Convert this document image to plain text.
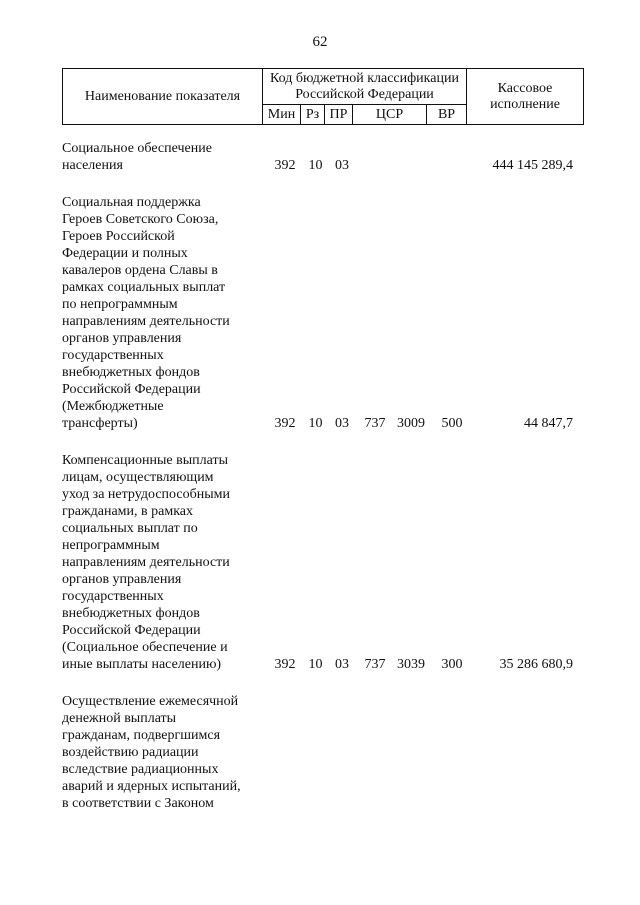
62
Наименование показателя	Код бюджетной классификации Российской Федерации					Кассовое исполнение
	Мин	Рз	ПР	ЦСР	ВР	
Социальное обеспечение
населения	392 10 03	444 145 289,4
Социальная поддержка
Героев Советского Союза,
Героев Российской
Федерации и полных
кавалеров ордена Славы в
рамках социальных выплат
по непрограммным
направлениям деятельности
органов управления
государственных
внебюджетных фондов
Российской Федерации
(Межбюджетные
трансферты)	392 10 03	737 3009	500	44 847,7
Компенсационные выплаты
лицам, осуществляющим
уход за нетрудоспособными
гражданами, в рамках
социальных выплат по
непрограммным
направлениям деятельности
органов управления
государственных
внебюджетных фондов
Российской Федерации
(Социальное обеспечение и
иные выплаты населению)	392 10 03	737 3039	300	35 286 680,9
Осуществление ежемесячной
денежной выплаты
гражданам, подвергшимся
воздействию радиации
вследствие радиационных
аварий и ядерных испытаний,
в соответствии с Законом
